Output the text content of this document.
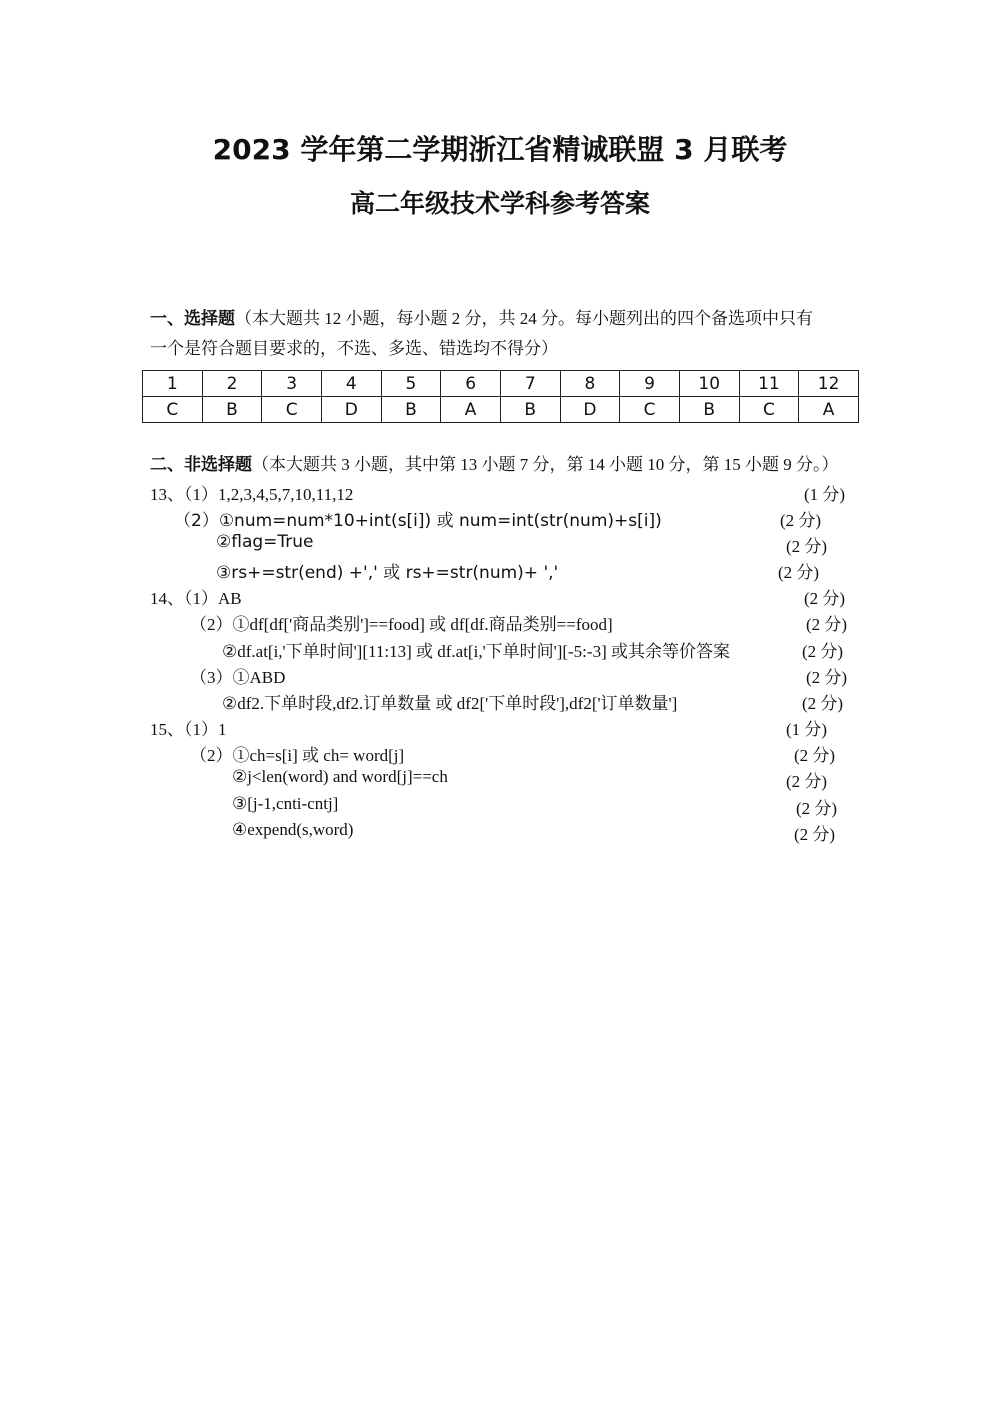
2023 学年第二学期浙江省精诚联盟 3 月联考
高二年级技术学科参考答案
一、选择题（本大题共 12 小题，每小题 2 分，共 24 分。每小题列出的四个备选项中只有
一个是符合题目要求的，不选、多选、错选均不得分）
1	2	3	4	5	6	7	8	9	10	11	12
C	B	C	D	B	A	B	D	C	B	C	A
二、非选择题（本大题共 3 小题，其中第 13 小题 7 分，第 14 小题 10 分，第 15 小题 9 分。）
13、（1）1,2,3,4,5,7,10,11,12	(1 分)
（2）①num=num*10+int(s[i]) 或 num=int(str(num)+s[i])	(2 分)
②flag=True	(2 分)
③rs+=str(end) +',' 或 rs+=str(num)+ ','	(2 分)
14、（1）AB	(2 分)
（2）①df[df['商品类别']==food] 或 df[df.商品类别==food]	(2 分)
②df.at[i,'下单时间'][11:13] 或 df.at[i,'下单时间'][-5:-3] 或其余等价答案	(2 分)
（3）①ABD	(2 分)
②df2.下单时段,df2.订单数量 或 df2['下单时段'],df2['订单数量']	(2 分)
15、（1）1	(1 分)
（2）①ch=s[i] 或 ch= word[j]	(2 分)
②j<len(word) and word[j]==ch	(2 分)
③[j-1,cnti-cntj]	(2 分)
④expend(s,word)	(2 分)
